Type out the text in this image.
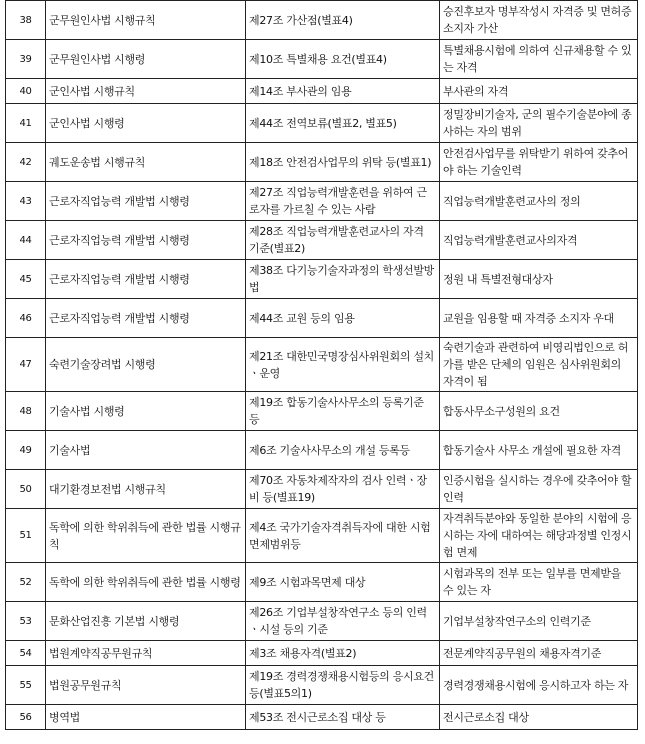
38	군무원인사법 시행규칙	제27조 가산점(별표4)	승진후보자 명부작성시 자격증 및 면허증 소지자 가산
39	군무원인사법 시행령	제10조 특별채용 요건(별표4)	특별채용시험에 의하여 신규채용할 수 있는 자격
40	군인사법 시행규칙	제14조 부사관의 임용	부사관의 자격
41	군인사법 시행령	제44조 전역보류(별표2, 별표5)	정밀장비기술자, 군의 필수기술분야에 종사하는 자의 범위
42	궤도운송법 시행규칙	제18조 안전검사업무의 위탁 등(별표1)	안전검사업무를 위탁받기 위하여 갖추어야 하는 기술인력
43	근로자직업능력 개발법 시행령	제27조 직업능력개발훈련을 위하여 근로자를 가르칠 수 있는 사람	직업능력개발훈련교사의 정의
44	근로자직업능력 개발법 시행령	제28조 직업능력개발훈련교사의 자격 기준(별표2)	직업능력개발훈련교사의자격
45	근로자직업능력 개발법 시행령	제38조 다기능기술자과정의 학생선발방법	정원 내 특별전형대상자
46	근로자직업능력 개발법 시행령	제44조 교원 등의 임용	교원을 임용할 때 자격증 소지자 우대
47	숙련기술장려법 시행령	제21조 대한민국명장심사위원회의 설치ㆍ운영	숙련기술과 관련하여 비영리법인으로 허가를 받은 단체의 임원은 심사위원회의 자격이 됨
48	기술사법 시행령	제19조 합동기술사사무소의 등록기준 등	합동사무소구성원의 요건
49	기술사법	제6조 기술사사무소의 개설 등록등	합동기술사 사무소 개설에 필요한 자격
50	대기환경보전법 시행규칙	제70조 자동차제작자의 검사 인력ㆍ장비 등(별표19)	인증시험을 실시하는 경우에 갖추어야 할 인력
51	독학에 의한 학위취득에 관한 법률 시행규칙	제4조 국가기술자격취득자에 대한 시험면제범위등	자격취득분야와 동일한 분야의 시험에 응시하는 자에 대하여는 해당과정별 인정시험 면제
52	독학에 의한 학위취득에 관한 법률 시행령	제9조 시험과목면제 대상	시험과목의 전부 또는 일부를 면제받을 수 있는 자
53	문화산업진흥 기본법 시행령	제26조 기업부설창작연구소 등의 인력ㆍ시설 등의 기준	기업부설창작연구소의 인력기준
54	법원계약직공무원규칙	제3조 채용자격(별표2)	전문계약직공무원의 채용자격기준
55	법원공무원규칙	제19조 경력경쟁채용시험등의 응시요건등(별표5의1)	경력경쟁채용시험에 응시하고자 하는 자
56	병역법	제53조 전시근로소집 대상 등	전시근로소집 대상
